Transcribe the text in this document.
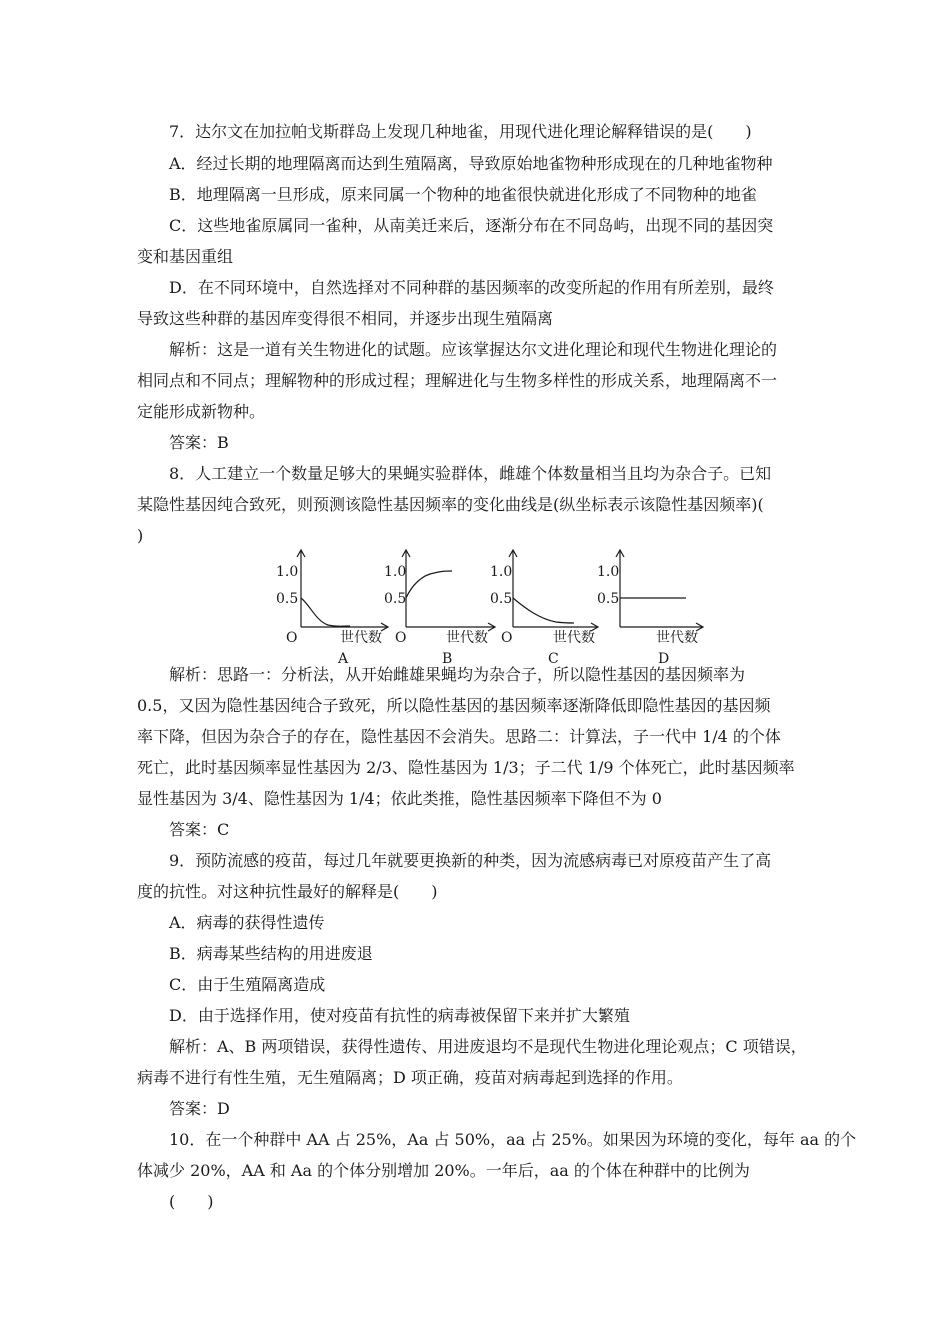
7．达尔文在加拉帕戈斯群岛上发现几种地雀，用现代进化理论解释错误的是(　　)
A．经过长期的地理隔离而达到生殖隔离，导致原始地雀物种形成现在的几种地雀物种
B．地理隔离一旦形成，原来同属一个物种的地雀很快就进化形成了不同物种的地雀
C．这些地雀原属同一雀种，从南美迁来后，逐渐分布在不同岛屿，出现不同的基因突
变和基因重组
D．在不同环境中，自然选择对不同种群的基因频率的改变所起的作用有所差别，最终
导致这些种群的基因库变得很不相同，并逐步出现生殖隔离
解析：这是一道有关生物进化的试题。应该掌握达尔文进化理论和现代生物进化理论的
相同点和不同点；理解物种的形成过程；理解进化与生物多样性的形成关系，地理隔离不一
定能形成新物种。
答案：B
8．人工建立一个数量足够大的果蝇实验群体，雌雄个体数量相当且均为杂合子。已知
某隐性基因纯合致死，则预测该隐性基因频率的变化曲线是(纵坐标表示该隐性基因频率)(
)
1.0
0.5
O	世代数
A
1.0
0.5
O	世代数
B
1.0
0.5
O	世代数
C
1.0
0.5
世代数
D
解析：思路一：分析法，从开始雌雄果蝇均为杂合子，所以隐性基因的基因频率为
0.5，又因为隐性基因纯合子致死，所以隐性基因的基因频率逐渐降低即隐性基因的基因频
率下降，但因为杂合子的存在，隐性基因不会消失。思路二：计算法，子一代中 1/4 的个体
死亡，此时基因频率显性基因为 2/3、隐性基因为 1/3；子二代 1/9 个体死亡，此时基因频率
显性基因为 3/4、隐性基因为 1/4；依此类推，隐性基因频率下降但不为 0
答案：C
9．预防流感的疫苗，每过几年就要更换新的种类，因为流感病毒已对原疫苗产生了高
度的抗性。对这种抗性最好的解释是(　　)
A．病毒的获得性遗传
B．病毒某些结构的用进废退
C．由于生殖隔离造成
D．由于选择作用，使对疫苗有抗性的病毒被保留下来并扩大繁殖
解析：A、B 两项错误，获得性遗传、用进废退均不是现代生物进化理论观点；C 项错误，
病毒不进行有性生殖，无生殖隔离；D 项正确，疫苗对病毒起到选择的作用。
答案：D
10．在一个种群中 AA 占 25%，Aa 占 50%，aa 占 25%。如果因为环境的变化，每年 aa 的个
体减少 20%，AA 和 Aa 的个体分别增加 20%。一年后，aa 的个体在种群中的比例为
(　　)
